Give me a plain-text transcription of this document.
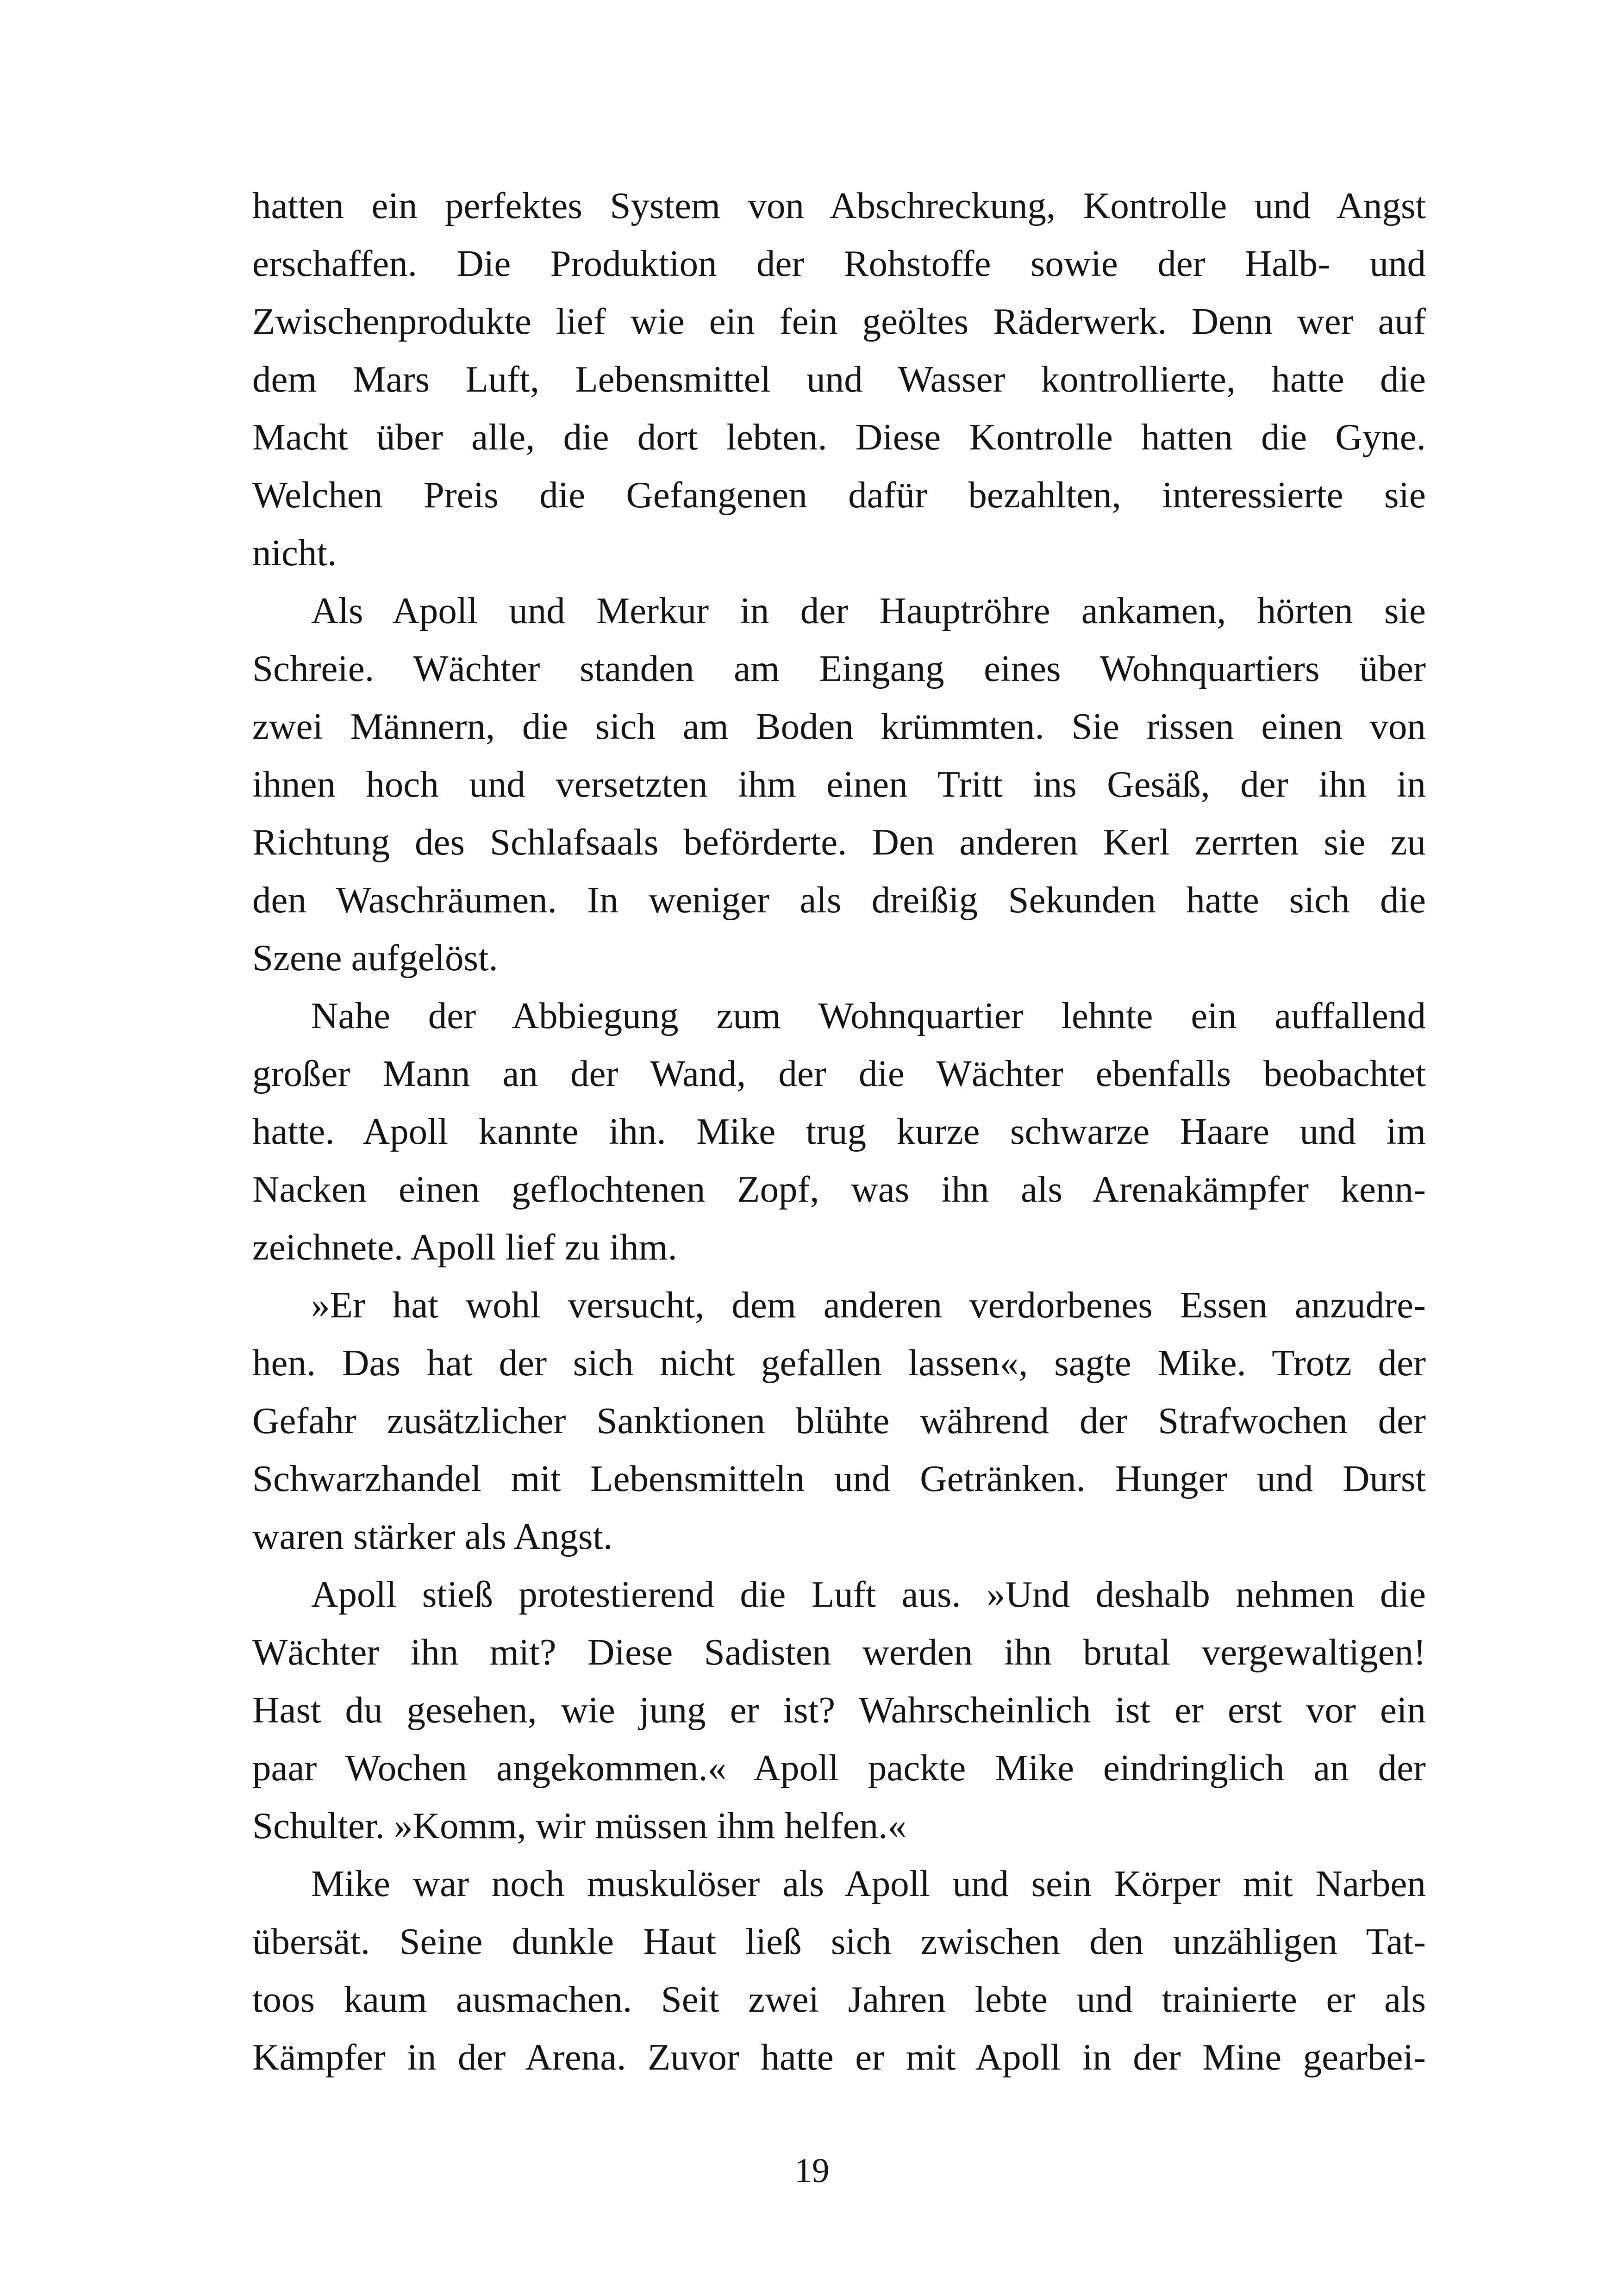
hatten ein perfektes System von Abschreckung, Kontrolle und Angst
erschaffen. Die Produktion der Rohstoffe sowie der Halb- und
Zwischenprodukte lief wie ein fein geöltes Räderwerk. Denn wer auf
dem Mars Luft, Lebensmittel und Wasser kontrollierte, hatte die
Macht über alle, die dort lebten. Diese Kontrolle hatten die Gyne.
Welchen Preis die Gefangenen dafür bezahlten, interessierte sie
nicht.
Als Apoll und Merkur in der Hauptröhre ankamen, hörten sie
Schreie. Wächter standen am Eingang eines Wohnquartiers über
zwei Männern, die sich am Boden krümmten. Sie rissen einen von
ihnen hoch und versetzten ihm einen Tritt ins Gesäß, der ihn in
Richtung des Schlafsaals beförderte. Den anderen Kerl zerrten sie zu
den Waschräumen. In weniger als dreißig Sekunden hatte sich die
Szene aufgelöst.
Nahe der Abbiegung zum Wohnquartier lehnte ein auffallend
großer Mann an der Wand, der die Wächter ebenfalls beobachtet
hatte. Apoll kannte ihn. Mike trug kurze schwarze Haare und im
Nacken einen geflochtenen Zopf, was ihn als Arenakämpfer kenn-
zeichnete. Apoll lief zu ihm.
»Er hat wohl versucht, dem anderen verdorbenes Essen anzudre-
hen. Das hat der sich nicht gefallen lassen«, sagte Mike. Trotz der
Gefahr zusätzlicher Sanktionen blühte während der Strafwochen der
Schwarzhandel mit Lebensmitteln und Getränken. Hunger und Durst
waren stärker als Angst.
Apoll stieß protestierend die Luft aus. »Und deshalb nehmen die
Wächter ihn mit? Diese Sadisten werden ihn brutal vergewaltigen!
Hast du gesehen, wie jung er ist? Wahrscheinlich ist er erst vor ein
paar Wochen angekommen.« Apoll packte Mike eindringlich an der
Schulter. »Komm, wir müssen ihm helfen.«
Mike war noch muskulöser als Apoll und sein Körper mit Narben
übersät. Seine dunkle Haut ließ sich zwischen den unzähligen Tat-
toos kaum ausmachen. Seit zwei Jahren lebte und trainierte er als
Kämpfer in der Arena. Zuvor hatte er mit Apoll in der Mine gearbei-
19
